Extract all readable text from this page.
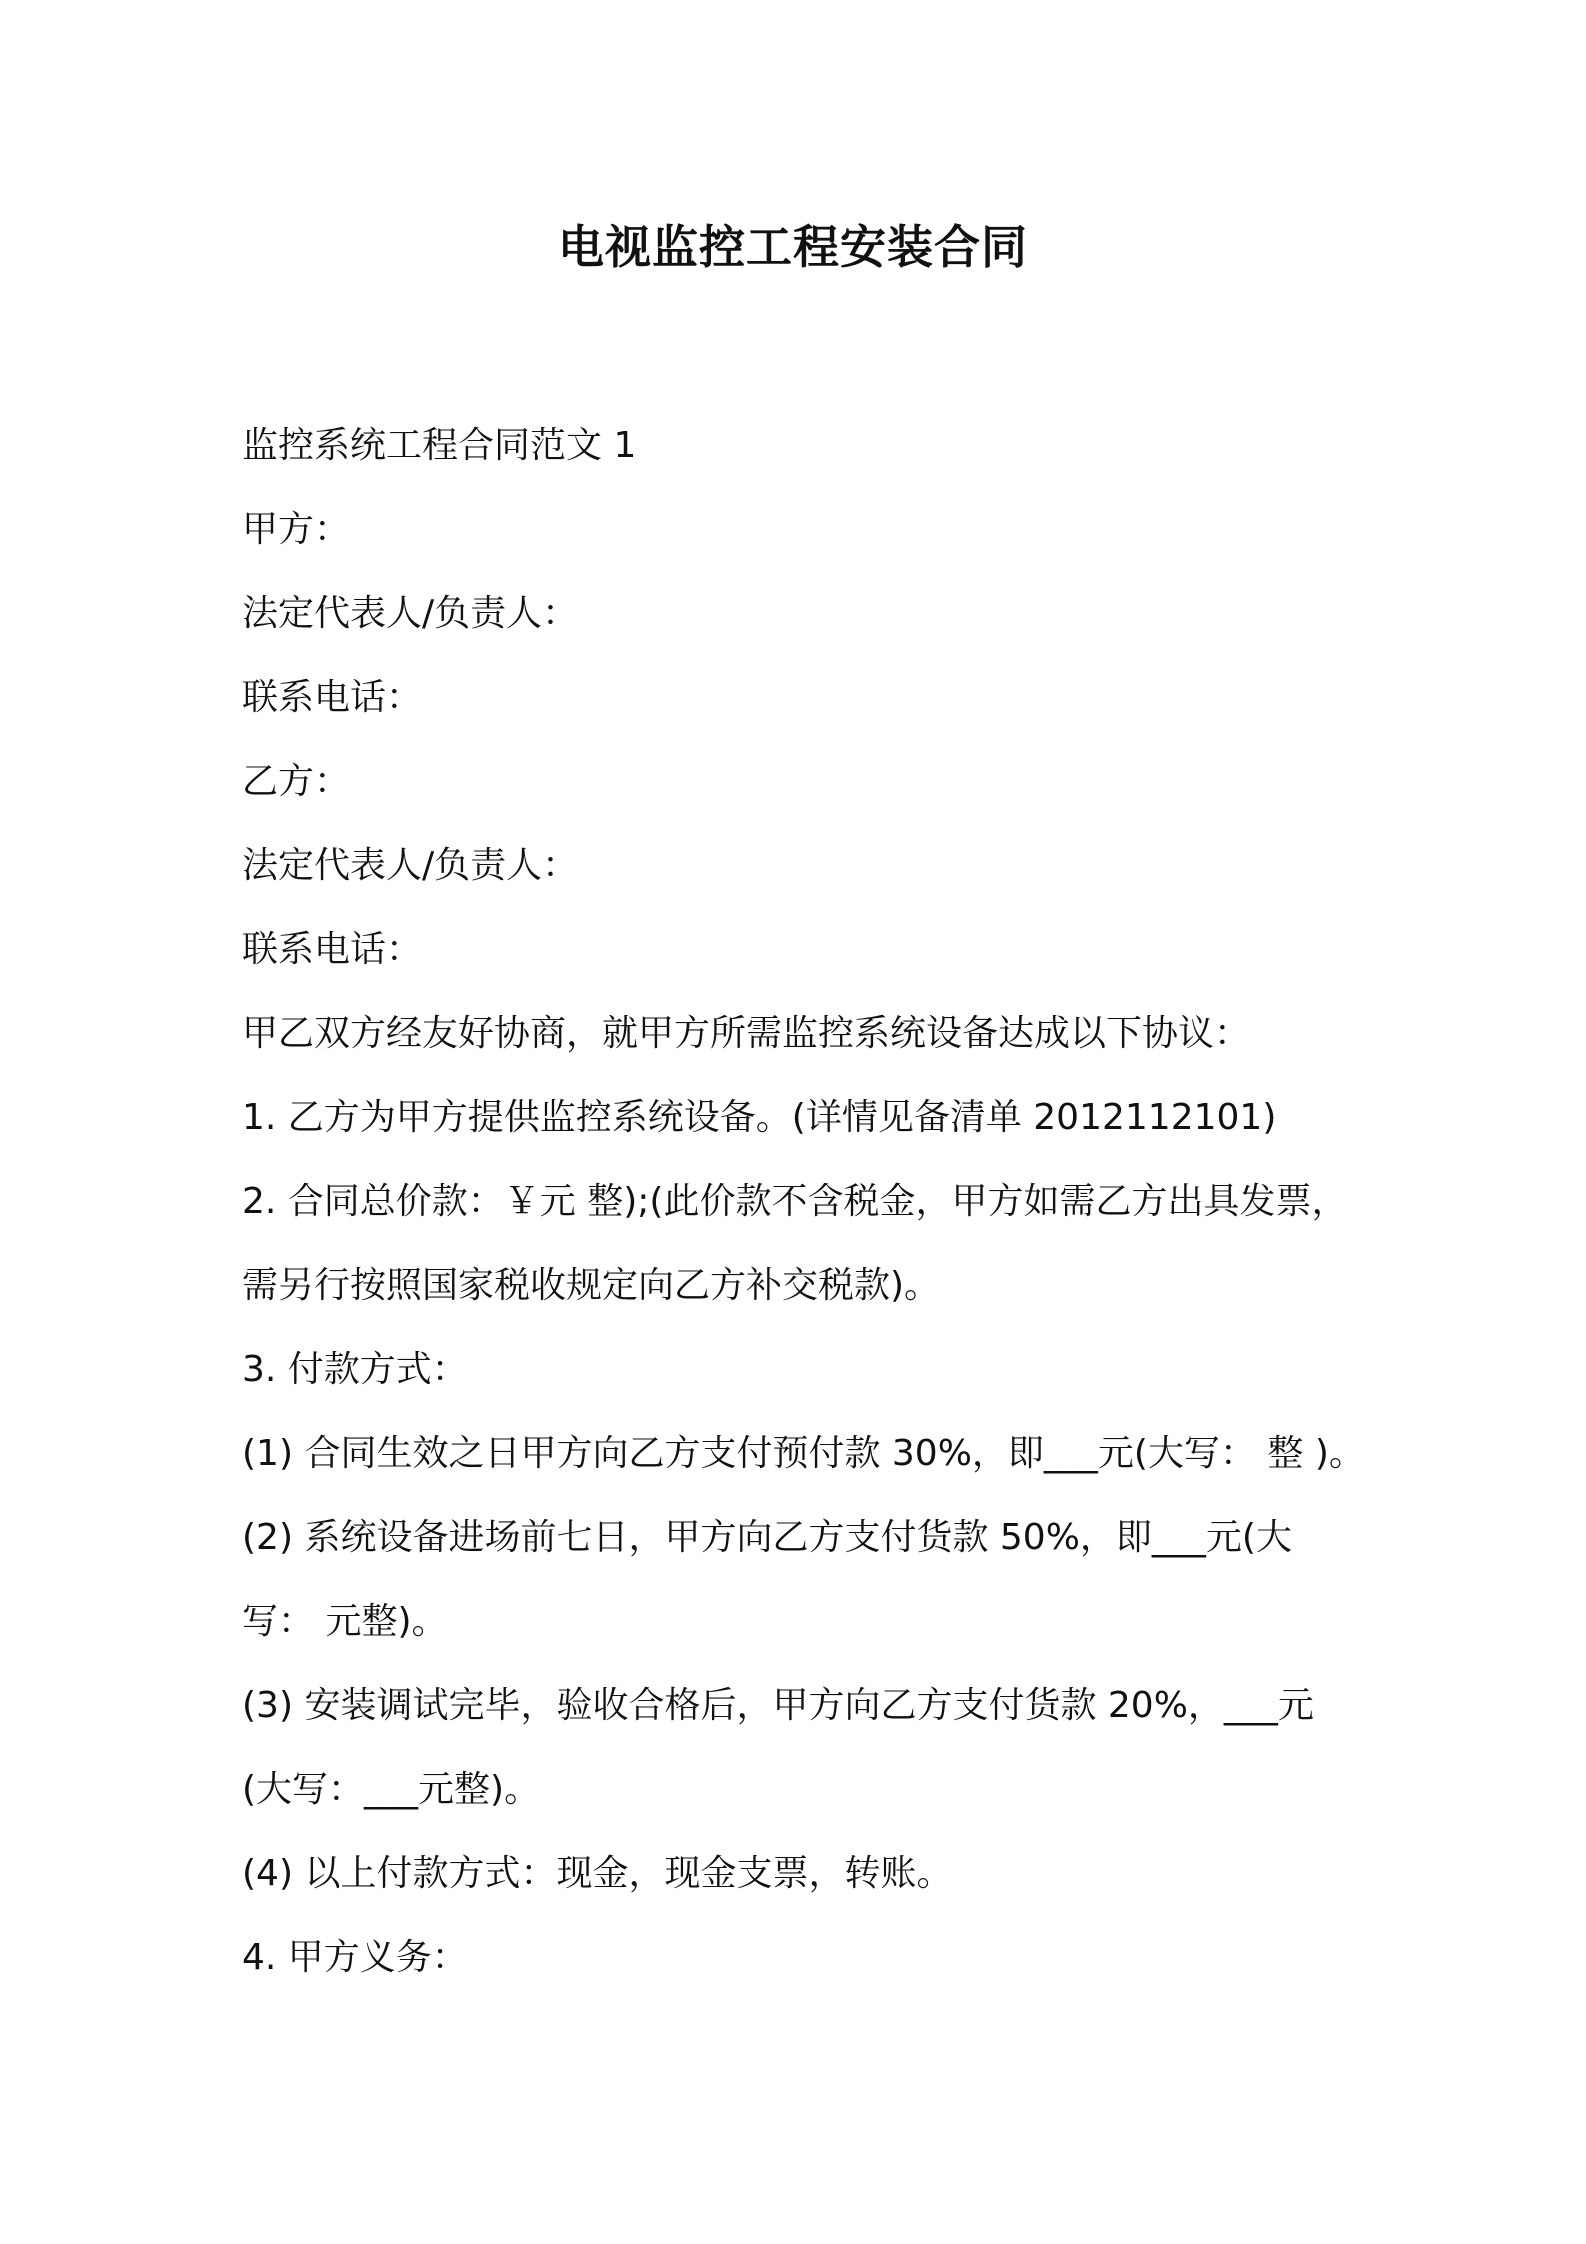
电视监控工程安装合同

监控系统工程合同范文 1

甲方：

法定代表人/负责人：

联系电话：

乙方：

法定代表人/负责人：

联系电话：

甲乙双方经友好协商，就甲方所需监控系统设备达成以下协议：

1. 乙方为甲方提供监控系统设备。(详情见备清单 2012112101)

2. 合同总价款：￥元 整);(此价款不含税金，甲方如需乙方出具发票，

需另行按照国家税收规定向乙方补交税款)。

3. 付款方式：

(1) 合同生效之日甲方向乙方支付预付款 30%，即___元(大写： 整 )。

(2) 系统设备进场前七日，甲方向乙方支付货款 50%，即___元(大

写： 元整)。

(3) 安装调试完毕，验收合格后，甲方向乙方支付货款 20%，___元

(大写：___元整)。

(4) 以上付款方式：现金，现金支票，转账。

4. 甲方义务：
